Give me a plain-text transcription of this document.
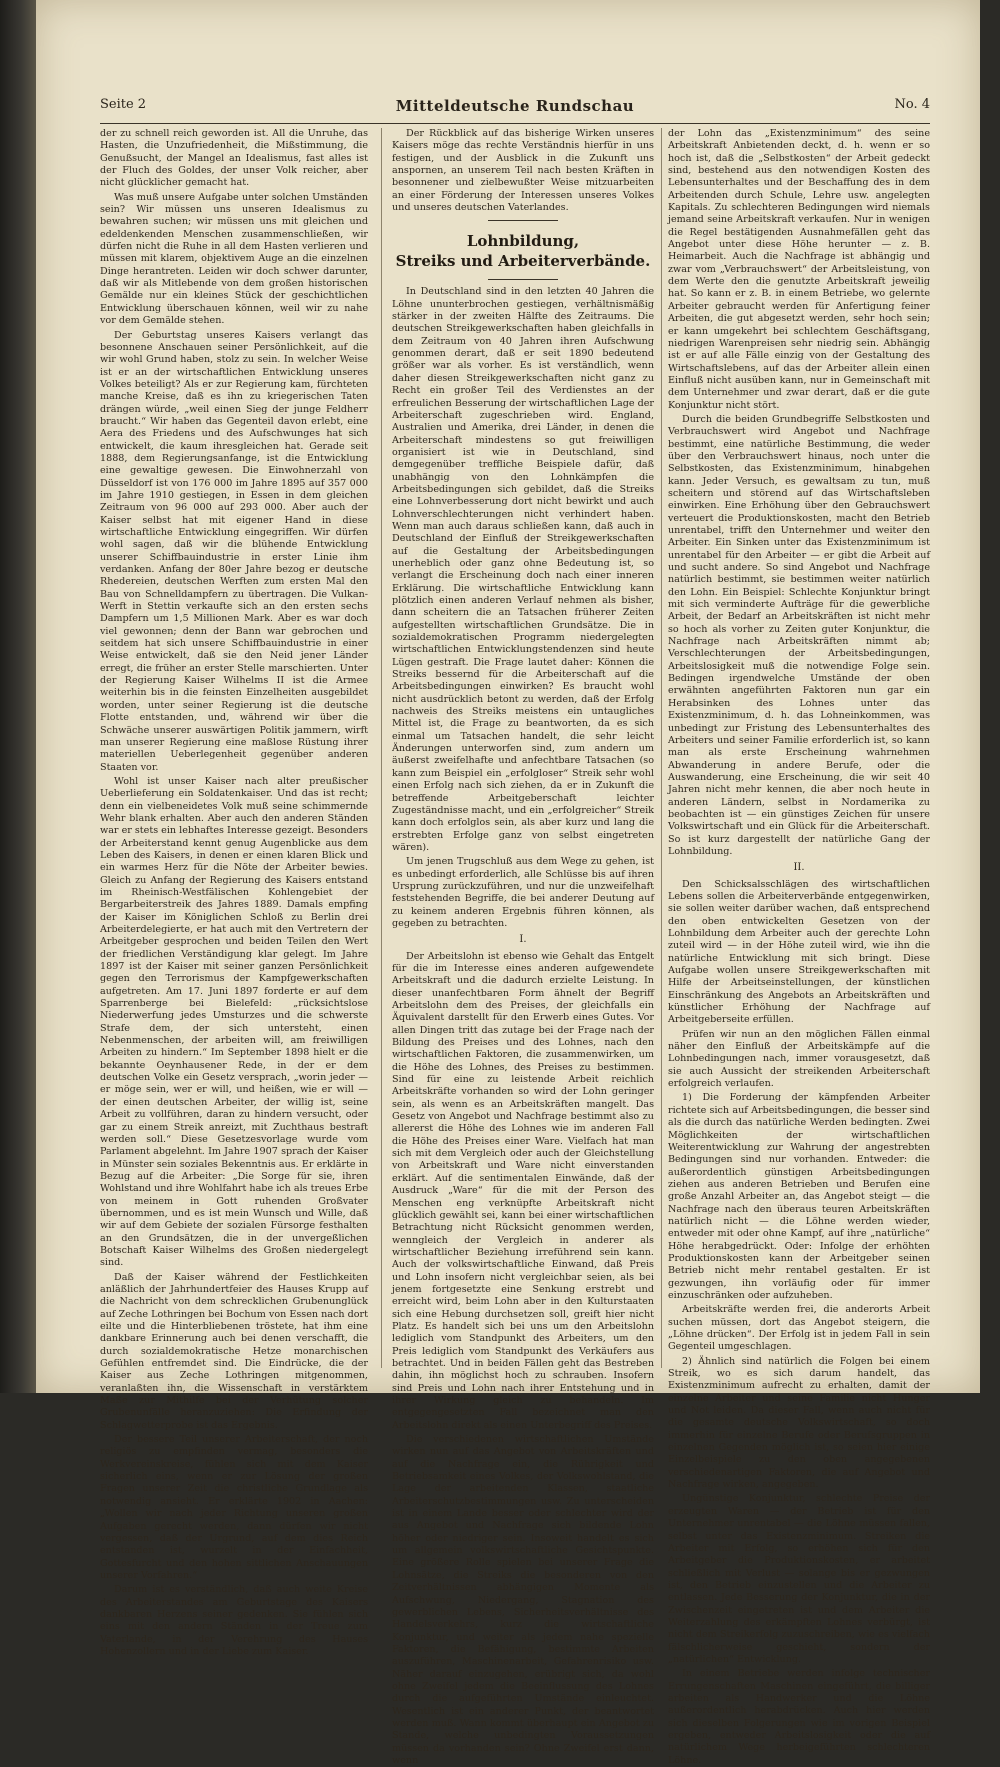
Seite 2	Mitteldeutsche Rundschau	No. 4

der zu schnell reich geworden ist. All die Unruhe, das Hasten, die Unzufriedenheit, die Mißstimmung, die Genußsucht, der Mangel an Idealismus, fast alles ist der Fluch des Goldes, der unser Volk reicher, aber nicht glücklicher gemacht hat.

Was muß unsere Aufgabe unter solchen Umständen sein? Wir müssen uns unseren Idealismus zu bewahren suchen; wir müssen uns mit gleichen und edeldenkenden Menschen zusammenschließen, wir dürfen nicht die Ruhe in all dem Hasten verlieren und müssen mit klarem, objektivem Auge an die einzelnen Dinge herantreten. Leiden wir doch schwer darunter, daß wir als Mitlebende von dem großen historischen Gemälde nur ein kleines Stück der geschichtlichen Entwicklung überschauen können, weil wir zu nahe vor dem Gemälde stehen.

Der Geburtstag unseres Kaisers verlangt das besonnene Anschauen seiner Persönlichkeit, auf die wir wohl Grund haben, stolz zu sein. In welcher Weise ist er an der wirtschaftlichen Entwicklung unseres Volkes beteiligt? Als er zur Regierung kam, fürchteten manche Kreise, daß es ihn zu kriegerischen Taten drängen würde, „weil einen Sieg der junge Feldherr braucht.“ Wir haben das Gegenteil davon erlebt, eine Aera des Friedens und des Aufschwunges hat sich entwickelt, die kaum ihresgleichen hat. Gerade seit 1888, dem Regierungsanfange, ist die Entwicklung eine gewaltige gewesen. Die Einwohnerzahl von Düsseldorf ist von 176 000 im Jahre 1895 auf 357 000 im Jahre 1910 gestiegen, in Essen in dem gleichen Zeitraum von 96 000 auf 293 000. Aber auch der Kaiser selbst hat mit eigener Hand in diese wirtschaftliche Entwicklung eingegriffen. Wir dürfen wohl sagen, daß wir die blühende Entwicklung unserer Schiffbauindustrie in erster Linie ihm verdanken. Anfang der 80er Jahre bezog er deutsche Rhedereien, deutschen Werften zum ersten Mal den Bau von Schnelldampfern zu übertragen. Die Vulkan-Werft in Stettin verkaufte sich an den ersten sechs Dampfern um 1,5 Millionen Mark. Aber es war doch viel gewonnen; denn der Bann war gebrochen und seitdem hat sich unsere Schiffbauindustrie in einer Weise entwickelt, daß sie den Neid jener Länder erregt, die früher an erster Stelle marschierten. Unter der Regierung Kaiser Wilhelms II ist die Armee weiterhin bis in die feinsten Einzelheiten ausgebildet worden, unter seiner Regierung ist die deutsche Flotte entstanden, und, während wir über die Schwäche unserer auswärtigen Politik jammern, wirft man unserer Regierung eine maßlose Rüstung ihrer materiellen Ueberlegenheit gegenüber anderen Staaten vor.

Wohl ist unser Kaiser nach alter preußischer Ueberlieferung ein Soldatenkaiser. Und das ist recht; denn ein vielbeneidetes Volk muß seine schimmernde Wehr blank erhalten. Aber auch den anderen Ständen war er stets ein lebhaftes Interesse gezeigt. Besonders der Arbeiterstand kennt genug Augenblicke aus dem Leben des Kaisers, in denen er einen klaren Blick und ein warmes Herz für die Nöte der Arbeiter bewies. Gleich zu Anfang der Regierung des Kaisers entstand im Rheinisch-Westfälischen Kohlengebiet der Bergarbeiterstreik des Jahres 1889. Damals empfing der Kaiser im Königlichen Schloß zu Berlin drei Arbeiterdelegierte, er hat auch mit den Vertretern der Arbeitgeber gesprochen und beiden Teilen den Wert der friedlichen Verständigung klar gelegt. Im Jahre 1897 ist der Kaiser mit seiner ganzen Persönlichkeit gegen den Terrorismus der Kampfgewerkschaften aufgetreten. Am 17. Juni 1897 forderte er auf dem Sparrenberge bei Bielefeld: „rücksichtslose Niederwerfung jedes Umsturzes und die schwerste Strafe dem, der sich untersteht, einen Nebenmenschen, der arbeiten will, am freiwilligen Arbeiten zu hindern.“ Im September 1898 hielt er die bekannte Oeynhausener Rede, in der er dem deutschen Volke ein Gesetz versprach, „worin jeder — er möge sein, wer er will, und heißen, wie er will — der einen deutschen Arbeiter, der willig ist, seine Arbeit zu vollführen, daran zu hindern versucht, oder gar zu einem Streik anreizt, mit Zuchthaus bestraft werden soll.“ Diese Gesetzesvorlage wurde vom Parlament abgelehnt. Im Jahre 1907 sprach der Kaiser in Münster sein soziales Bekenntnis aus. Er erklärte in Bezug auf die Arbeiter: „Die Sorge für sie, ihren Wohlstand und ihre Wohlfahrt habe ich als treues Erbe von meinem in Gott ruhenden Großvater übernommen, und es ist mein Wunsch und Wille, daß wir auf dem Gebiete der sozialen Fürsorge festhalten an den Grundsätzen, die in der unvergeßlichen Botschaft Kaiser Wilhelms des Großen niedergelegt sind.

Daß der Kaiser während der Festlichkeiten anläßlich der Jahrhundertfeier des Hauses Krupp auf die Nachricht von dem schrecklichen Grubenunglück auf Zeche Lothringen bei Bochum von Essen nach dort eilte und die Hinterbliebenen tröstete, hat ihm eine dankbare Erinnerung auch bei denen verschafft, die durch sozialdemokratische Hetze monarchischen Gefühlen entfremdet sind. Die Eindrücke, die der Kaiser aus Zeche Lothringen mitgenommen, veranlaßten ihn, die Wissenschaft in verstärktem Maße zur Mithilfe bei der Verhütung solcher Grubenunfälle heranzuziehen: Die Erfindung der Schlagwetterprobe ist das Ergebnis.

Der bessere Teil unserer Arbeiterschaft, der noch religiös zu empfinden vermag, besonders die Werkvereinskreise, fühlen sich mit dem Kaiser sicherlich eins, wenn er zur Lösung der großen Fragen unserer Zeit die christliche Grundlage als notwendig ansieht. Er erklärte 1902 in Aachen: „Wollen wir nach jeder Richtung unseren großen Aufgaben gerecht werden, dann dürfen wir nicht vergessen, daß der Urgrund, auf dem dies Reich entstanden ist, wurzelt in der Einfachheit, Gottesfurcht und den hohen sittlichen Anschauungen unserer Vorfahren.“

Darum ist es verständlich, daß auch weite Kreise des Arbeiterstandes am Geburtstage des Kaisers dankbaren Herzens seiner gedenken. Sie fühlen sich eins mit den andern Ständen in der Treue zum Vaterlande, in der Verehrung des Hauses Hohenzollern und in der Liebe zum Kaiser.

Der Rückblick auf das bisherige Wirken unseres Kaisers möge das rechte Verständnis hierfür in uns festigen, und der Ausblick in die Zukunft uns anspornen, an unserem Teil nach besten Kräften in besonnener und zielbewußter Weise mitzuarbeiten an einer Förderung der Interessen unseres Volkes und unseres deutschen Vaterlandes.

Lohnbildung,
Streiks und Arbeiterverbände.

In Deutschland sind in den letzten 40 Jahren die Löhne ununterbrochen gestiegen, verhältnismäßig stärker in der zweiten Hälfte des Zeitraums. Die deutschen Streikgewerkschaften haben gleichfalls in dem Zeitraum von 40 Jahren ihren Aufschwung genommen derart, daß er seit 1890 bedeutend größer war als vorher. Es ist verständlich, wenn daher diesen Streikgewerkschaften nicht ganz zu Recht ein großer Teil des Verdienstes an der erfreulichen Besserung der wirtschaftlichen Lage der Arbeiterschaft zugeschrieben wird. England, Australien und Amerika, drei Länder, in denen die Arbeiterschaft mindestens so gut freiwilligen organisiert ist wie in Deutschland, sind demgegenüber treffliche Beispiele dafür, daß unabhängig von den Lohnkämpfen die Arbeitsbedingungen sich gebildet, daß die Streiks eine Lohnverbesserung dort nicht bewirkt und auch Lohnverschlechterungen nicht verhindert haben. Wenn man auch daraus schließen kann, daß auch in Deutschland der Einfluß der Streikgewerkschaften auf die Gestaltung der Arbeitsbedingungen unerheblich oder ganz ohne Bedeutung ist, so verlangt die Erscheinung doch nach einer inneren Erklärung. Die wirtschaftliche Entwicklung kann plötzlich einen anderen Verlauf nehmen als bisher, dann scheitern die an Tatsachen früherer Zeiten aufgestellten wirtschaftlichen Grundsätze. Die in sozialdemokratischen Programm niedergelegten wirtschaftlichen Entwicklungstendenzen sind heute Lügen gestraft. Die Frage lautet daher: Können die Streiks bessernd für die Arbeiterschaft auf die Arbeitsbedingungen einwirken? Es braucht wohl nicht ausdrücklich betont zu werden, daß der Erfolg nachweis des Streiks meistens ein untaugliches Mittel ist, die Frage zu beantworten, da es sich einmal um Tatsachen handelt, die sehr leicht Änderungen unterworfen sind, zum andern um äußerst zweifelhafte und anfechtbare Tatsachen (so kann zum Beispiel ein „erfolgloser“ Streik sehr wohl einen Erfolg nach sich ziehen, da er in Zukunft die betreffende Arbeitgeberschaft leichter Zugeständnisse macht, und ein „erfolgreicher“ Streik kann doch erfolglos sein, als aber kurz und lang die erstrebten Erfolge ganz von selbst eingetreten wären).

Um jenen Trugschluß aus dem Wege zu gehen, ist es unbedingt erforderlich, alle Schlüsse bis auf ihren Ursprung zurückzuführen, und nur die unzweifelhaft feststehenden Begriffe, die bei anderer Deutung auf zu keinem anderen Ergebnis führen können, als gegeben zu betrachten.

I.

Der Arbeitslohn ist ebenso wie Gehalt das Entgelt für die im Interesse eines anderen aufgewendete Arbeitskraft und die dadurch erzielte Leistung. In dieser unanfechtbaren Form ähnelt der Begriff Arbeitslohn dem des Preises, der gleichfalls ein Äquivalent darstellt für den Erwerb eines Gutes. Vor allen Dingen tritt das zutage bei der Frage nach der Bildung des Preises und des Lohnes, nach den wirtschaftlichen Faktoren, die zusammenwirken, um die Höhe des Lohnes, des Preises zu bestimmen. Sind für eine zu leistende Arbeit reichlich Arbeitskräfte vorhanden so wird der Lohn geringer sein, als wenn es an Arbeitskräften mangelt. Das Gesetz von Angebot und Nachfrage bestimmt also zu allererst die Höhe des Lohnes wie im anderen Fall die Höhe des Preises einer Ware. Vielfach hat man sich mit dem Vergleich oder auch der Gleichstellung von Arbeitskraft und Ware nicht einverstanden erklärt. Auf die sentimentalen Einwände, daß der Ausdruck „Ware“ für die mit der Person des Menschen eng verknüpfte Arbeitskraft nicht glücklich gewählt sei, kann bei einer wirtschaftlichen Betrachtung nicht Rücksicht genommen werden, wenngleich der Vergleich in anderer als wirtschaftlicher Beziehung irreführend sein kann. Auch der volkswirtschaftliche Einwand, daß Preis und Lohn insofern nicht vergleichbar seien, als bei jenem fortgesetzte eine Senkung erstrebt und erreicht wird, beim Lohn aber in den Kulturstaaten sich eine Hebung durchsetzen soll, greift hier nicht Platz. Es handelt sich bei uns um den Arbeitslohn lediglich vom Standpunkt des Arbeiters, um den Preis lediglich vom Standpunkt des Verkäufers aus betrachtet. Und in beiden Fällen geht das Bestreben dahin, ihn möglichst hoch zu schrauben. Insofern sind Preis und Lohn nach ihrer Entstehung und in ihrer Wirkung gleich zu behandeln. Im entgegengesetzten Fall bezeichnet man den Arbeitslohn direkt als einen Unterbegriff des Preises.

Die verschiedenen wirtschaftlichen Umstände wirken nun auf das Angebot von Arbeitskräften und auf die Nachfrage ein, die Rührigkeit und Betriebsamkeit eines Volkes, der Volkswohlstand, die Lage der arbeitenden Klassen, staatliche Arbeiterschutzbestimmungen usw. Zu unterscheiden ist in einem Lande besser oder schlechter wird der aus Angebot und Nachfrage sich bildende Lohn höher oder niedriger sein. Insoweit handelt es sich um allgemein volkswirtschaftliche Gesichtspunkte. Eine größere Rolle spielen bei unserer Frage die Lohnsätze, die Streiks die besonderen von den Zeitverhältnissen abhängigen Momente als Aufschwung, Niedergang, Stagnation des gewerblichen Lebens, Sicherheitsverhältnisse des Handelsverkehrs, kurz die wirtschaftliche Konjunktur, und weiter als jedem nahe spezielle Faktoren, die Befähigung, bestimmte Arbeiten auszuführen, Maschinenarbeit, Gefahrenrisiko usw. Näher darauf einzugehen, erübrigt sich, da wohl ohne Zweifel jedem die Beeinflussung des Lohnes durch die aufgeführten Umstände einleuchtet. Wesentlich ist ein anderer Punkt, der beantwortet werden muß. Wann kommt überhaupt ein Angebot zu Stande, welche unbedingten Voraussetzungen müssen da vorhanden sein? Ohne Zweifel erst dann, wenn

der Lohn das „Existenzminimum“ des seine Arbeitskraft Anbietenden deckt, d. h. wenn er so hoch ist, daß die „Selbstkosten“ der Arbeit gedeckt sind, bestehend aus den notwendigen Kosten des Lebensunterhaltes und der Beschaffung des in dem Arbeitenden durch Schule, Lehre usw. angelegten Kapitals. Zu schlechteren Bedingungen wird niemals jemand seine Arbeitskraft verkaufen. Nur in wenigen die Regel bestätigenden Ausnahmefällen geht das Angebot unter diese Höhe herunter — z. B. Heimarbeit. Auch die Nachfrage ist abhängig und zwar vom „Verbrauchswert“ der Arbeitsleistung, von dem Werte den die genutzte Arbeitskraft jeweilig hat. So kann er z. B. in einem Betriebe, wo gelernte Arbeiter gebraucht werden für Anfertigung feiner Arbeiten, die gut abgesetzt werden, sehr hoch sein; er kann umgekehrt bei schlechtem Geschäftsgang, niedrigen Warenpreisen sehr niedrig sein. Abhängig ist er auf alle Fälle einzig von der Gestaltung des Wirtschaftslebens, auf das der Arbeiter allein einen Einfluß nicht ausüben kann, nur in Gemeinschaft mit dem Unternehmer und zwar derart, daß er die gute Konjunktur nicht stört.

Durch die beiden Grundbegriffe Selbstkosten und Verbrauchswert wird Angebot und Nachfrage bestimmt, eine natürliche Bestimmung, die weder über den Verbrauchswert hinaus, noch unter die Selbstkosten, das Existenzminimum, hinabgehen kann. Jeder Versuch, es gewaltsam zu tun, muß scheitern und störend auf das Wirtschaftsleben einwirken. Eine Erhöhung über den Gebrauchswert verteuert die Produktionskosten, macht den Betrieb unrentabel, trifft den Unternehmer und weiter den Arbeiter. Ein Sinken unter das Existenzminimum ist unrentabel für den Arbeiter — er gibt die Arbeit auf und sucht andere. So sind Angebot und Nachfrage natürlich bestimmt, sie bestimmen weiter natürlich den Lohn. Ein Beispiel: Schlechte Konjunktur bringt mit sich verminderte Aufträge für die gewerbliche Arbeit, der Bedarf an Arbeitskräften ist nicht mehr so hoch als vorher zu Zeiten guter Konjunktur, die Nachfrage nach Arbeitskräften nimmt ab; Verschlechterungen der Arbeitsbedingungen, Arbeitslosigkeit muß die notwendige Folge sein. Bedingen irgendwelche Umstände der oben erwähnten angeführten Faktoren nun gar ein Herabsinken des Lohnes unter das Existenzminimum, d. h. das Lohneinkommen, was unbedingt zur Fristung des Lebensunterhaltes des Arbeiters und seiner Familie erforderlich ist, so kann man als erste Erscheinung wahrnehmen Abwanderung in andere Berufe, oder die Auswanderung, eine Erscheinung, die wir seit 40 Jahren nicht mehr kennen, die aber noch heute in anderen Ländern, selbst in Nordamerika zu beobachten ist — ein günstiges Zeichen für unsere Volkswirtschaft und ein Glück für die Arbeiterschaft. So ist kurz dargestellt der natürliche Gang der Lohnbildung.

II.

Den Schicksalsschlägen des wirtschaftlichen Lebens sollen die Arbeiterverbände entgegenwirken, sie sollen weiter darüber wachen, daß entsprechend den oben entwickelten Gesetzen von der Lohnbildung dem Arbeiter auch der gerechte Lohn zuteil wird — in der Höhe zuteil wird, wie ihn die natürliche Entwicklung mit sich bringt. Diese Aufgabe wollen unsere Streikgewerkschaften mit Hilfe der Arbeitseinstellungen, der künstlichen Einschränkung des Angebots an Arbeitskräften und künstlicher Erhöhung der Nachfrage auf Arbeitgeberseite erfüllen.

Prüfen wir nun an den möglichen Fällen einmal näher den Einfluß der Arbeitskämpfe auf die Lohnbedingungen nach, immer vorausgesetzt, daß sie auch Aussicht der streikenden Arbeiterschaft erfolgreich verlaufen.

1) Die Forderung der kämpfenden Arbeiter richtete sich auf Arbeitsbedingungen, die besser sind als die durch das natürliche Werden bedingten. Zwei Möglichkeiten der wirtschaftlichen Weiterentwicklung zur Wahrung der angestrebten Bedingungen sind nur vorhanden. Entweder: die außerordentlich günstigen Arbeitsbedingungen ziehen aus anderen Betrieben und Berufen eine große Anzahl Arbeiter an, das Angebot steigt — die Nachfrage nach den überaus teuren Arbeitskräften natürlich nicht — die Löhne werden wieder, entweder mit oder ohne Kampf, auf ihre „natürliche“ Höhe herabgedrückt. Oder: Infolge der erhöhten Produktionskosten kann der Arbeitgeber seinen Betrieb nicht mehr rentabel gestalten. Er ist gezwungen, ihn vorläufig oder für immer einzuschränken oder aufzuheben.

Arbeitskräfte werden frei, die anderorts Arbeit suchen müssen, dort das Angebot steigern, die „Löhne drücken“. Der Erfolg ist in jedem Fall in sein Gegenteil umgeschlagen.

2) Ähnlich sind natürlich die Folgen bei einem Streik, wo es sich darum handelt, das Existenzminimum aufrecht zu erhalten, damit der einzelne Arbeiter und seine Familie nicht Hunger und Not leiden. Da dieser Fall, wenn auch nicht für die gesamte deutsche Volkswirtschaft, so doch immerhin für einzelne Berufe oder Berufsgruppen in einzelnen Gegenden möglich ist, so seien hier einige Einzelbeispiele zu den oben angegebenen verschiedenartigen Faktoren, die auf Angebot und Nachfrage wirken, angegeben.

Ungünstige Konjunktur, schlechte Preise der erzeugten Waren — der Betrieb ist für den Unternehmer unrentabel — die Löhne müssen fallen, selbst unter das Existenzminimum. Streiken die Arbeiter mit Erfolg, so erhöhen sich für den Arbeitgeber die Produktionskosten, er arbeitet schließlich mit Verlust — solange bis er gezwungen ist, den Betrieb einzustellen und die Arbeiter zu entlassen. Jede Besserung der Konjunktur, die in der Zwischenzeit eingetreten ist und dem Arbeiter die Weiterzahlung des erkämpften Lohnes verbürgt, ist nicht dem Streikerfolg zuzuschreiben, wie es vielfach fälschlicherweise geschieht, sondern der „natürlichen“ Entwicklung.

In einem Betriebe werden infolge technischer Errungenschaften Maschinen eingeführt, die billiger arbeiten als Handwerker und die Löhne außerordentlich herabdrücken. Auch hier werden sich dieselben Folgerungen wie im vorigen Beispiel ergeben, entweder Arbeitslosigkeit oder die auf natürlichem Wege herbeigeführten schlechteren Löhne.
